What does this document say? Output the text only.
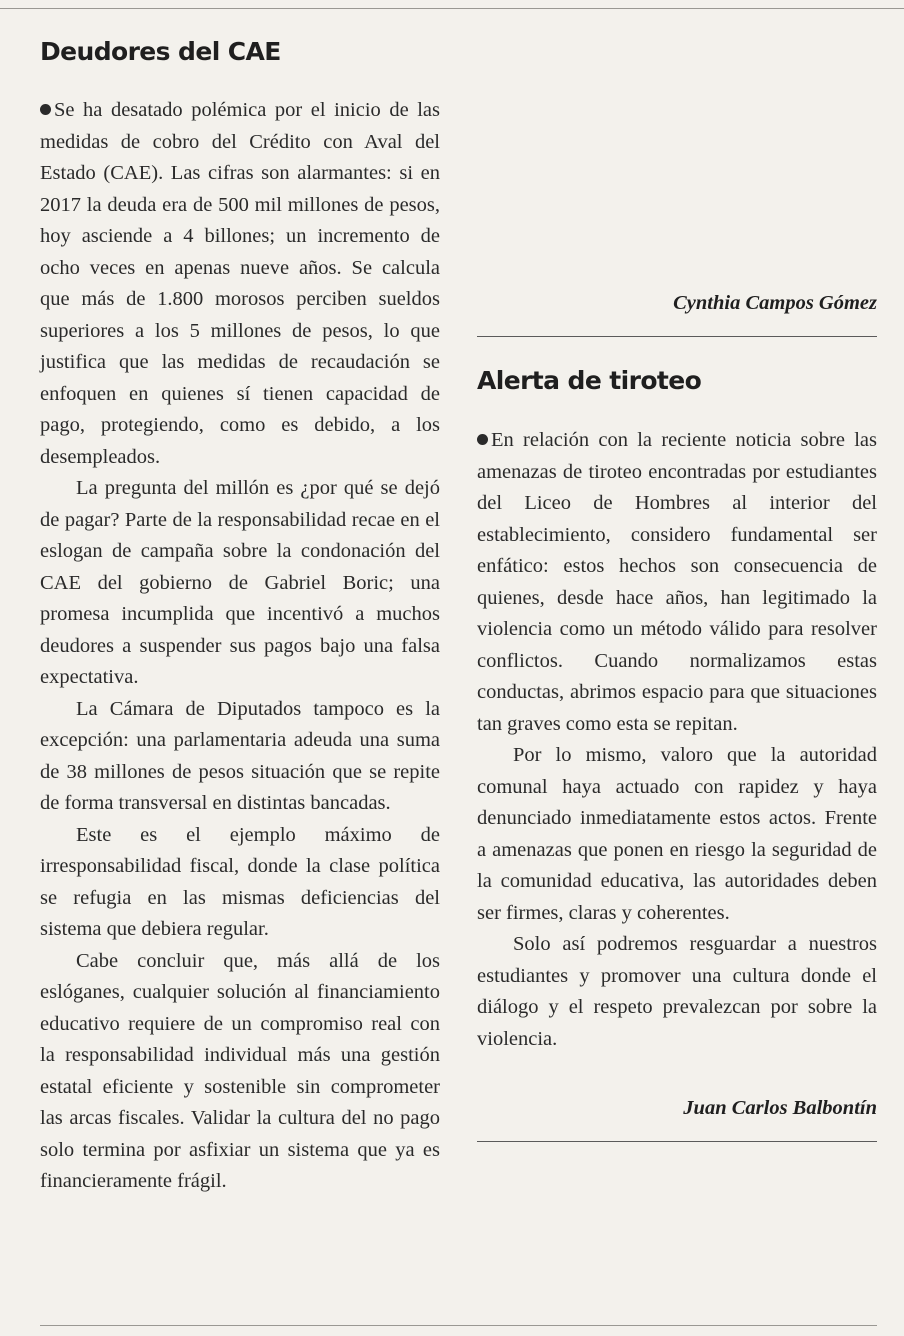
Deudores del CAE

Se ha desatado polémica por el inicio de las medidas de cobro del Crédito con Aval del Estado (CAE). Las cifras son alarmantes: si en 2017 la deuda era de 500 mil millones de pesos, hoy asciende a 4 billones; un incremento de ocho veces en apenas nueve años. Se calcula que más de 1.800 morosos perciben sueldos superiores a los 5 millones de pesos, lo que justifica que las medidas de recaudación se enfoquen en quienes sí tienen capacidad de pago, protegiendo, como es debido, a los desempleados.

La pregunta del millón es ¿por qué se dejó de pagar? Parte de la responsabilidad recae en el eslogan de campaña sobre la condonación del CAE del gobierno de Gabriel Boric; una promesa incumplida que incentivó a muchos deudores a suspender sus pagos bajo una falsa expectativa.

La Cámara de Diputados tampoco es la excepción: una parlamentaria adeuda una suma de 38 millones de pesos situación que se repite de forma transversal en distintas bancadas.

Este es el ejemplo máximo de irresponsabilidad fiscal, donde la clase política se refugia en las mismas deficiencias del sistema que debiera regular.

Cabe concluir que, más allá de los eslóganes, cualquier solución al financiamiento educativo requiere de un compromiso real con la responsabilidad individual más una gestión estatal eficiente y sostenible sin comprometer las arcas fiscales. Validar la cultura del no pago solo termina por asfixiar un sistema que ya es financieramente frágil.

Cynthia Campos Gómez

Alerta de tiroteo

En relación con la reciente noticia sobre las amenazas de tiroteo encontradas por estudiantes del Liceo de Hombres al interior del establecimiento, considero fundamental ser enfático: estos hechos son consecuencia de quienes, desde hace años, han legitimado la violencia como un método válido para resolver conflictos. Cuando normalizamos estas conductas, abrimos espacio para que situaciones tan graves como esta se repitan.

Por lo mismo, valoro que la autoridad comunal haya actuado con rapidez y haya denunciado inmediatamente estos actos. Frente a amenazas que ponen en riesgo la seguridad de la comunidad educativa, las autoridades deben ser firmes, claras y coherentes.

Solo así podremos resguardar a nuestros estudiantes y promover una cultura donde el diálogo y el respeto prevalezcan por sobre la violencia.

Juan Carlos Balbontín
